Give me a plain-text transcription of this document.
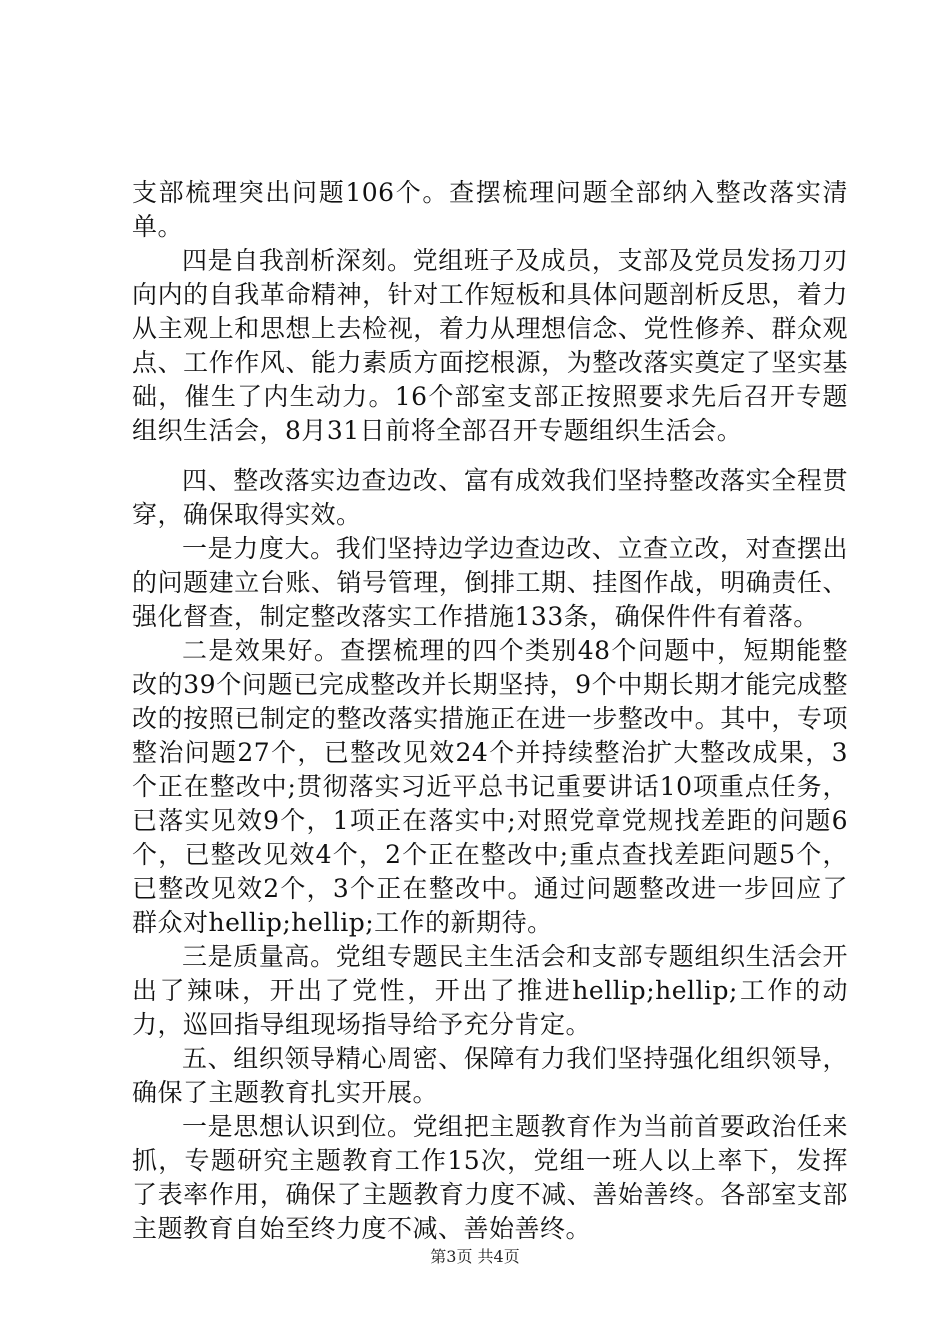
支部梳理突出问题106个。查摆梳理问题全部纳入整改落实清单。

四是自我剖析深刻。党组班子及成员，支部及党员发扬刀刃向内的自我革命精神，针对工作短板和具体问题剖析反思，着力从主观上和思想上去检视，着力从理想信念、党性修养、群众观点、工作作风、能力素质方面挖根源，为整改落实奠定了坚实基础，催生了内生动力。16个部室支部正按照要求先后召开专题组织生活会，8月31日前将全部召开专题组织生活会。

四、整改落实边查边改、富有成效我们坚持整改落实全程贯穿，确保取得实效。

一是力度大。我们坚持边学边查边改、立查立改，对查摆出的问题建立台账、销号管理，倒排工期、挂图作战，明确责任、强化督查，制定整改落实工作措施133条，确保件件有着落。

二是效果好。查摆梳理的四个类别48个问题中，短期能整改的39个问题已完成整改并长期坚持，9个中期长期才能完成整改的按照已制定的整改落实措施正在进一步整改中。其中，专项整治问题27个，已整改见效24个并持续整治扩大整改成果，3个正在整改中;贯彻落实习近平总书记重要讲话10项重点任务，已落实见效9个，1项正在落实中;对照党章党规找差距的问题6个，已整改见效4个，2个正在整改中;重点查找差距问题5个，已整改见效2个，3个正在整改中。通过问题整改进一步回应了群众对hellip;hellip;工作的新期待。

三是质量高。党组专题民主生活会和支部专题组织生活会开出了辣味，开出了党性，开出了推进hellip;hellip;工作的动力，巡回指导组现场指导给予充分肯定。

五、组织领导精心周密、保障有力我们坚持强化组织领导，确保了主题教育扎实开展。

一是思想认识到位。党组把主题教育作为当前首要政治任来抓，专题研究主题教育工作15次，党组一班人以上率下，发挥了表率作用，确保了主题教育力度不减、善始善终。各部室支部主题教育自始至终力度不减、善始善终。

第3页 共4页
